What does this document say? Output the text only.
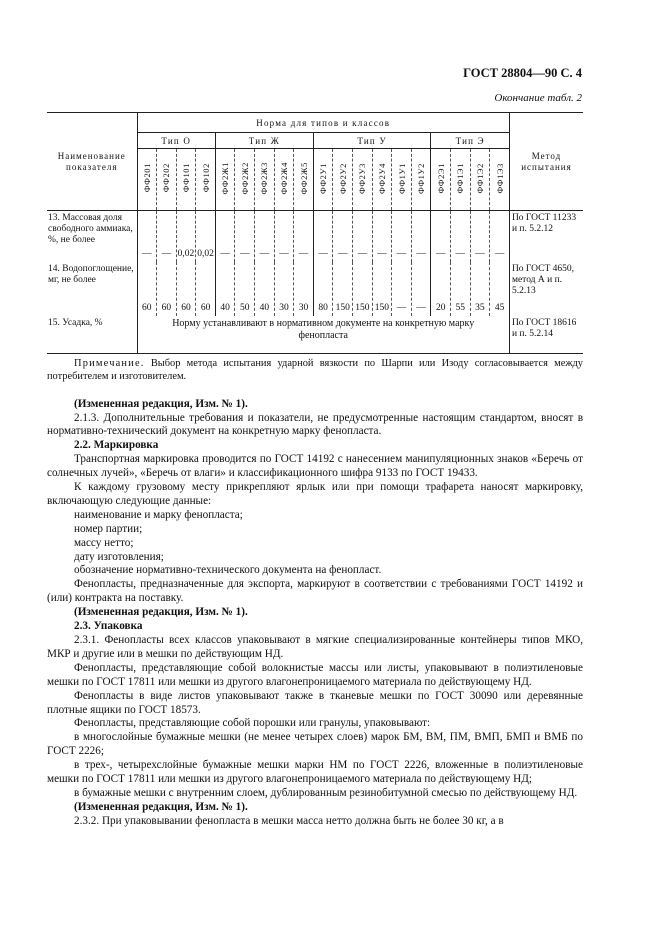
ГОСТ 28804—90 С. 4
Окончание табл. 2
Наименование показателя	Норма для типов и классов																			Метод испытания
	Тип О				Тип Ж					Тип У						Тип Э				
	ФФ201	ФФ202	ФФ101	ФФ102	ФФ2Ж1	ФФ2Ж2	ФФ2Ж3	ФФ2Ж4	ФФ2Ж5	ФФ2У1	ФФ2У2	ФФ2У3	ФФ2У4	ФФ1У1	ФФ1У2	ФФ2Э1	ФФ1Э1	ФФ1Э2	ФФ1Э3	
13. Массовая доля свободного аммиака, %, не более	—	—	0,02	0,02	—	—	—	—	—	—	—	—	—	—	—	—	—	—	—	По ГОСТ 11233 и п. 5.2.12
14. Водопоглощение, мг, не более	60	60	60	60	40	50	40	30	30	80	150	150	150	—	—	20	55	35	45	По ГОСТ 4650, метод А и п. 5.2.13
15. Усадка, %	Норму устанавливают в нормативном документе на конкретную марку фенопласта																			По ГОСТ 18616 и п. 5.2.14

Примечание. Выбор метода испытания ударной вязкости по Шарпи или Изоду согласовывается между потребителем и изготовителем.

(Измененная редакция, Изм. № 1).

2.1.3. Дополнительные требования и показатели, не предусмотренные настоящим стандартом, вносят в нормативно-технический документ на конкретную марку фенопласта.

2.2. Маркировка

Транспортная маркировка проводится по ГОСТ 14192 с нанесением манипуляционных знаков «Беречь от солнечных лучей», «Беречь от влаги» и классификационного шифра 9133 по ГОСТ 19433.

К каждому грузовому месту прикрепляют ярлык или при помощи трафарета наносят маркировку, включающую следующие данные:

наименование и марку фенопласта;

номер партии;

массу нетто;

дату изготовления;

обозначение нормативно-технического документа на фенопласт.

Фенопласты, предназначенные для экспорта, маркируют в соответствии с требованиями ГОСТ 14192 и (или) контракта на поставку.

(Измененная редакция, Изм. № 1).

2.3. Упаковка

2.3.1. Фенопласты всех классов упаковывают в мягкие специализированные контейнеры типов МКО, МКР и другие или в мешки по действующим НД.

Фенопласты, представляющие собой волокнистые массы или листы, упаковывают в полиэтиленовые мешки по ГОСТ 17811 или мешки из другого влагонепроницаемого материала по действующему НД.

Фенопласты в виде листов упаковывают также в тканевые мешки по ГОСТ 30090 или деревянные плотные ящики по ГОСТ 18573.

Фенопласты, представляющие собой порошки или гранулы, упаковывают:

в многослойные бумажные мешки (не менее четырех слоев) марок БМ, ВМ, ПМ, ВМП, БМП и ВМБ по ГОСТ 2226;

в трех-, четырехслойные бумажные мешки марки НМ по ГОСТ 2226, вложенные в полиэтиленовые мешки по ГОСТ 17811 или мешки из другого влагонепроницаемого материала по действующему НД;

в бумажные мешки с внутренним слоем, дублированным резинобитумной смесью по действующему НД.

(Измененная редакция, Изм. № 1).

2.3.2. При упаковывании фенопласта в мешки масса нетто должна быть не более 30 кг, а в
